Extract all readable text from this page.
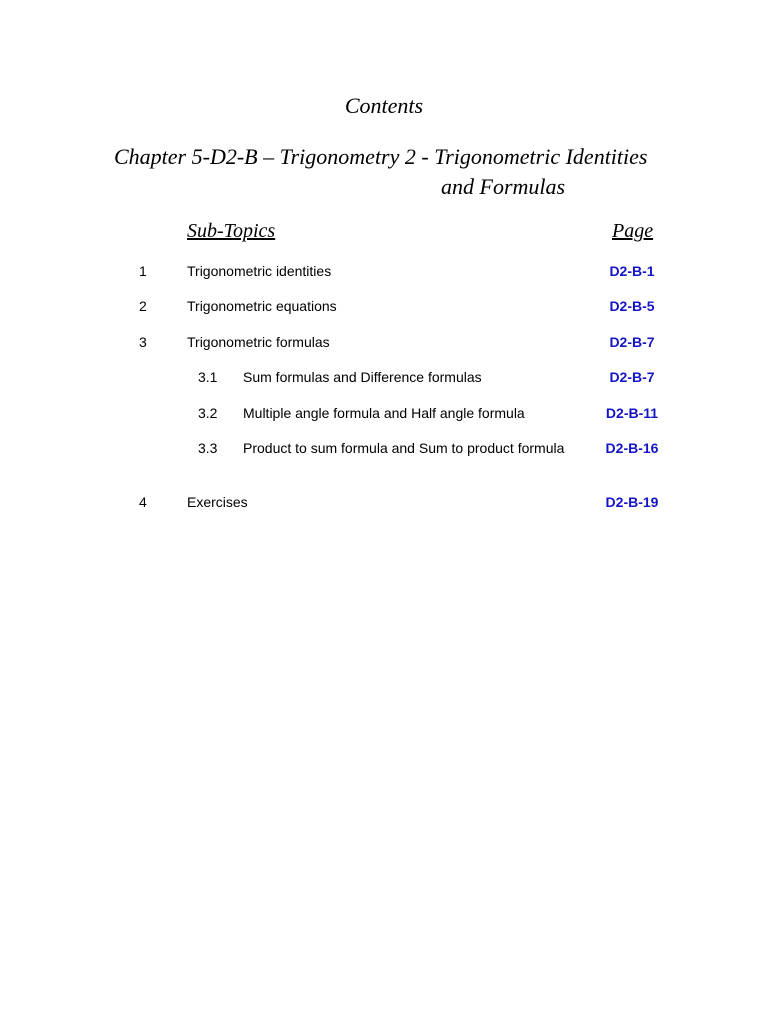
Contents
Chapter 5-D2-B – Trigonometry 2 - Trigonometric Identities
and Formulas
Sub-Topics	Page
1	Trigonometric identities	D2-B-1
2	Trigonometric equations	D2-B-5
3	Trigonometric formulas	D2-B-7
3.1 Sum formulas and Difference formulas	D2-B-7
3.2 Multiple angle formula and Half angle formula	D2-B-11
3.3 Product to sum formula and Sum to product formula	D2-B-16
4	Exercises	D2-B-19
